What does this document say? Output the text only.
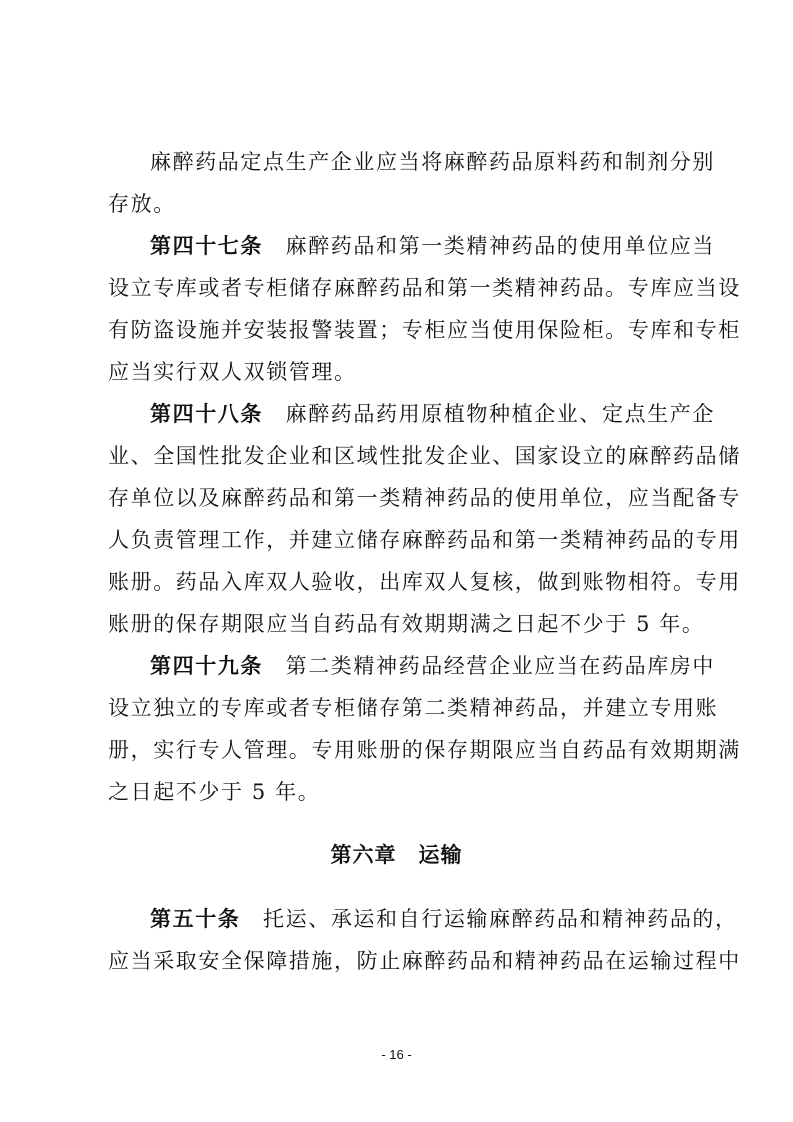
麻醉药品定点生产企业应当将麻醉药品原料药和制剂分别
存放。
第四十七条　 麻醉药品和第一类精神药品的使用单位应当
设立专库或者专柜储存麻醉药品和第一类精神药品。专库应当设
有防盗设施并安装报警装置；专柜应当使用保险柜。专库和专柜
应当实行双人双锁管理。
第四十八条　 麻醉药品药用原植物种植企业、定点生产企
业、全国性批发企业和区域性批发企业、国家设立的麻醉药品储
存单位以及麻醉药品和第一类精神药品的使用单位，应当配备专
人负责管理工作，并建立储存麻醉药品和第一类精神药品的专用
账册。药品入库双人验收，出库双人复核，做到账物相符。专用
账册的保存期限应当自药品有效期期满之日起不少于 5 年。
第四十九条　 第二类精神药品经营企业应当在药品库房中
设立独立的专库或者专柜储存第二类精神药品，并建立专用账
册，实行专人管理。专用账册的保存期限应当自药品有效期期满
之日起不少于 5 年。
第六章　运输
第五十条　 托运、承运和自行运输麻醉药品和精神药品的，
应当采取安全保障措施，防止麻醉药品和精神药品在运输过程中
- 16 -
